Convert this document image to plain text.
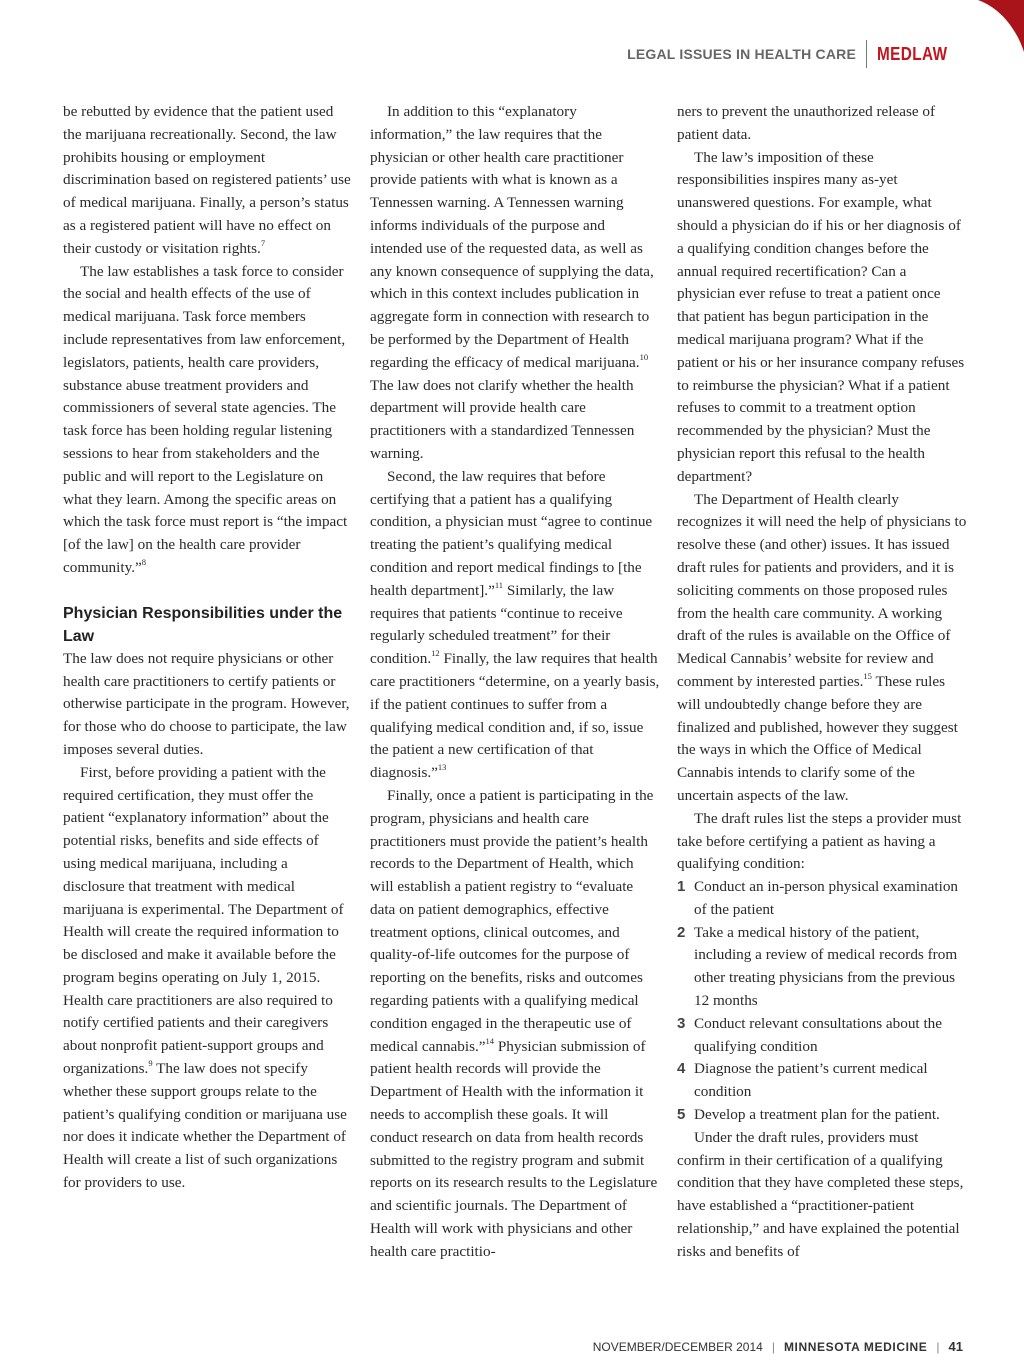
LEGAL ISSUES IN HEALTH CARE MEDLAW

be rebutted by evidence that the patient used the marijuana recreationally. Second, the law prohibits housing or employment discrimination based on registered patients’ use of medical marijuana. Finally, a person’s status as a registered patient will have no effect on their custody or visitation rights.$^7$

The law establishes a task force to consider the social and health effects of the use of medical marijuana. Task force members include representatives from law enforcement, legislators, patients, health care providers, substance abuse treatment providers and commissioners of several state agencies. The task force has been holding regular listening sessions to hear from stakeholders and the public and will report to the Legislature on what they learn. Among the specific areas on which the task force must report is “the impact [of the law] on the health care provider community.”$^8$

Physician Responsibilities under the Law

The law does not require physicians or other health care practitioners to certify patients or otherwise participate in the program. However, for those who do choose to participate, the law imposes several duties.

First, before providing a patient with the required certification, they must offer the patient “explanatory information” about the potential risks, benefits and side effects of using medical marijuana, including a disclosure that treatment with medical marijuana is experimental. The Department of Health will create the required information to be disclosed and make it available before the program begins operating on July 1, 2015. Health care practitioners are also required to notify certified patients and their caregivers about nonprofit patient-support groups and organizations.$^9$ The law does not specify whether these support groups relate to the patient’s qualifying condition or marijuana use nor does it indicate whether the Department of Health will create a list of such organizations for providers to use.

In addition to this “explanatory information,” the law requires that the physician or other health care practitioner provide patients with what is known as a Tennessen warning. A Tennessen warning informs individuals of the purpose and intended use of the requested data, as well as any known consequence of supplying the data, which in this context includes publication in aggregate form in connection with research to be performed by the Department of Health regarding the efficacy of medical marijuana.$^{10}$ The law does not clarify whether the health department will provide health care practitioners with a standardized Tennessen warning.

Second, the law requires that before certifying that a patient has a qualifying condition, a physician must “agree to continue treating the patient’s qualifying medical condition and report medical findings to [the health department].”$^{11}$ Similarly, the law requires that patients “continue to receive regularly scheduled treatment” for their condition.$^{12}$ Finally, the law requires that health care practitioners “determine, on a yearly basis, if the patient continues to suffer from a qualifying medical condition and, if so, issue the patient a new certification of that diagnosis.”$^{13}$

Finally, once a patient is participating in the program, physicians and health care practitioners must provide the patient’s health records to the Department of Health, which will establish a patient registry to “evaluate data on patient demographics, effective treatment options, clinical outcomes, and quality-of-life outcomes for the purpose of reporting on the benefits, risks and outcomes regarding patients with a qualifying medical condition engaged in the therapeutic use of medical cannabis.”$^{14}$ Physician submission of patient health records will provide the Department of Health with the information it needs to accomplish these goals. It will conduct research on data from health records submitted to the registry program and submit reports on its research results to the Legislature and scientific journals. The Department of Health will work with physicians and other health care practitio-

ners to prevent the unauthorized release of patient data.

The law’s imposition of these responsibilities inspires many as-yet unanswered questions. For example, what should a physician do if his or her diagnosis of a qualifying condition changes before the annual required recertification? Can a physician ever refuse to treat a patient once that patient has begun participation in the medical marijuana program? What if the patient or his or her insurance company refuses to reimburse the physician? What if a patient refuses to commit to a treatment option recommended by the physician? Must the physician report this refusal to the health department?

The Department of Health clearly recognizes it will need the help of physicians to resolve these (and other) issues. It has issued draft rules for patients and providers, and it is soliciting comments on those proposed rules from the health care community. A working draft of the rules is available on the Office of Medical Cannabis’ website for review and comment by interested parties.$^{15}$ These rules will undoubtedly change before they are finalized and published, however they suggest the ways in which the Office of Medical Cannabis intends to clarify some of the uncertain aspects of the law.

The draft rules list the steps a provider must take before certifying a patient as having a qualifying condition:

1 Conduct an in-person physical examination of the patient
2 Take a medical history of the patient, including a review of medical records from other treating physicians from the previous 12 months
3 Conduct relevant consultations about the qualifying condition
4 Diagnose the patient’s current medical condition
5 Develop a treatment plan for the patient.

Under the draft rules, providers must confirm in their certification of a qualifying condition that they have completed these steps, have established a “practitioner-patient relationship,” and have explained the potential risks and benefits of

NOVEMBER/DECEMBER 2014 | MINNESOTA MEDICINE | 41
